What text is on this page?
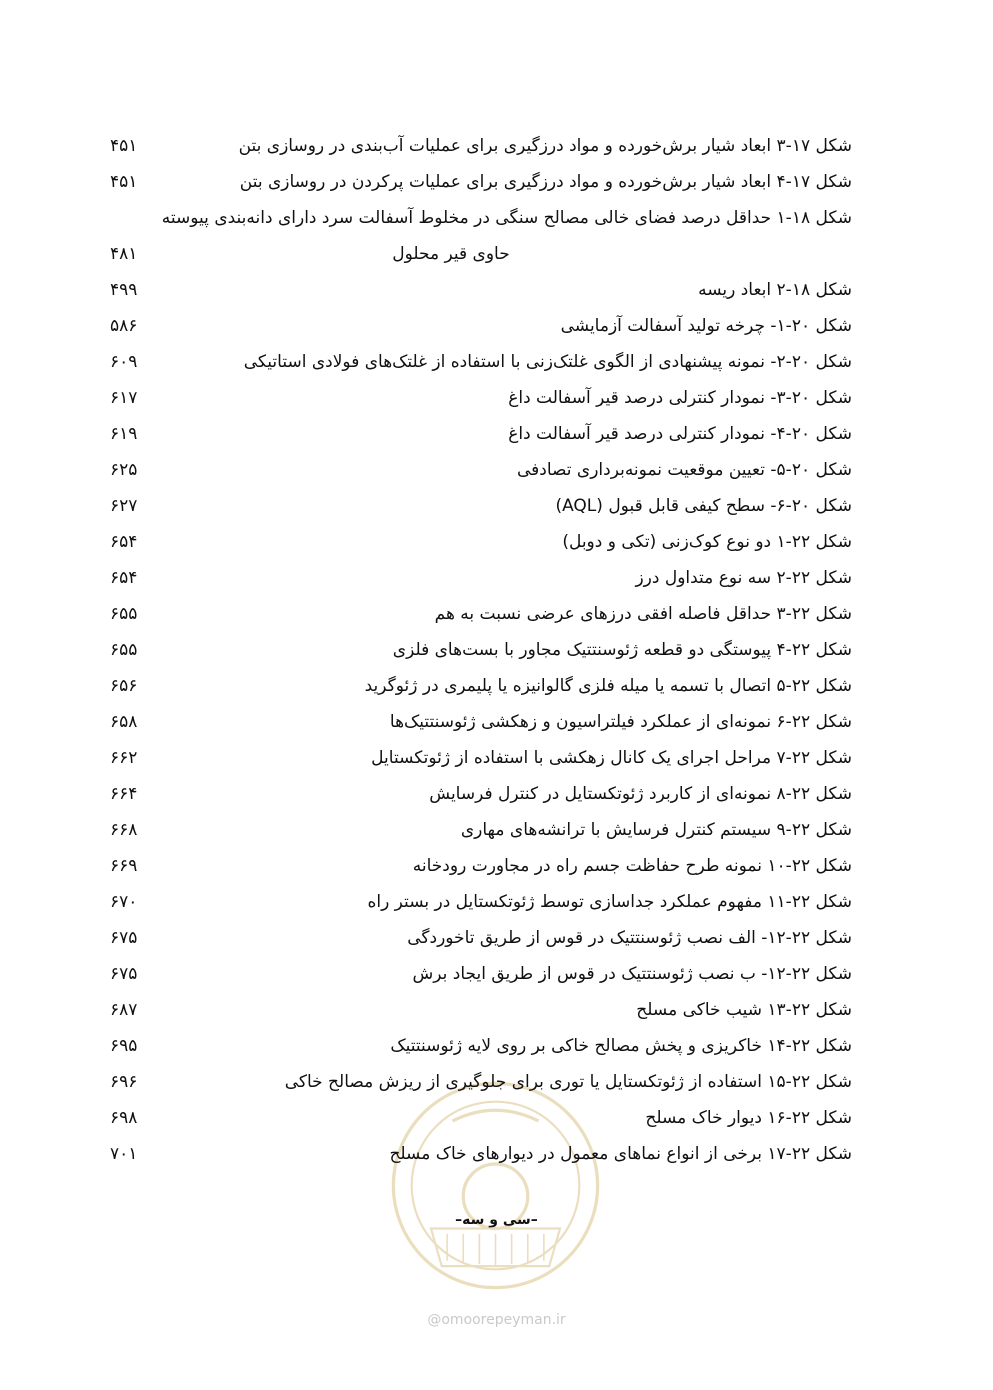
شکل ۱۷-۳ ابعاد شیار برش‌خورده و مواد درزگیری برای عملیات آب‌بندی در روسازی بتن
۴۵۱
شکل ۱۷-۴ ابعاد شیار برش‌خورده و مواد درزگیری برای عملیات پرکردن در روسازی بتن
۴۵۱
شکل ۱۸-۱ حداقل درصد فضای خالی مصالح سنگی در مخلوط آسفالت سرد دارای دانه‌بندی پیوسته
حاوی قیر محلول
۴۸۱
شکل ۱۸-۲ ابعاد ریسه
۴۹۹
شکل ۲۰-۱- چرخه تولید آسفالت آزمایشی
۵۸۶
شکل ۲۰-۲- نمونه پیشنهادی از الگوی غلتک‌زنی با استفاده از غلتک‌های فولادی استاتیکی
۶۰۹
شکل ۲۰-۳- نمودار کنترلی درصد قیر آسفالت داغ
۶۱۷
شکل ۲۰-۴- نمودار کنترلی درصد قیر آسفالت داغ
۶۱۹
شکل ۲۰-۵- تعیین موقعیت نمونه‌برداری تصادفی
۶۲۵
شکل ۲۰-۶- سطح کیفی قابل قبول (AQL)
۶۲۷
شکل ۲۲-۱ دو نوع کوک‌زنی (تکی و دوبل)
۶۵۴
شکل ۲۲-۲ سه نوع متداول درز
۶۵۴
شکل ۲۲-۳ حداقل فاصله افقی درزهای عرضی نسبت به هم
۶۵۵
شکل ۲۲-۴ پیوستگی دو قطعه ژئوسنتتیک مجاور با بست‌های فلزی
۶۵۵
شکل ۲۲-۵ اتصال با تسمه یا میله فلزی گالوانیزه یا پلیمری در ژئوگرید
۶۵۶
شکل ۲۲-۶ نمونه‌ای از عملکرد فیلتراسیون و زهکشی ژئوسنتتیک‌ها
۶۵۸
شکل ۲۲-۷ مراحل اجرای یک کانال زهکشی با استفاده از ژئوتکستایل
۶۶۲
شکل ۲۲-۸ نمونه‌ای از کاربرد ژئوتکستایل در کنترل فرسایش
۶۶۴
شکل ۲۲-۹ سیستم کنترل فرسایش با ترانشه‌های مهاری
۶۶۸
شکل ۲۲-۱۰ نمونه طرح حفاظت جسم راه در مجاورت رودخانه
۶۶۹
شکل ۲۲-۱۱ مفهوم عملکرد جداسازی توسط ژئوتکستایل در بستر راه
۶۷۰
شکل ۲۲-۱۲- الف نصب ژئوسنتتیک در قوس از طریق تاخوردگی
۶۷۵
شکل ۲۲-۱۲- ب نصب ژئوسنتتیک در قوس از طریق ایجاد برش
۶۷۵
شکل ۲۲-۱۳ شیب خاکی مسلح
۶۸۷
شکل ۲۲-۱۴ خاکریزی و پخش مصالح خاکی بر روی لایه ژئوسنتتیک
۶۹۵
شکل ۲۲-۱۵ استفاده از ژئوتکستایل یا توری برای جلوگیری از ریزش مصالح خاکی
۶۹۶
شکل ۲۲-۱۶ دیوار خاک مسلح
۶۹۸
شکل ۲۲-۱۷ برخی از انواع نماهای معمول در دیوارهای خاک مسلح
۷۰۱
–سی و سه–
@omoorepeyman.ir
